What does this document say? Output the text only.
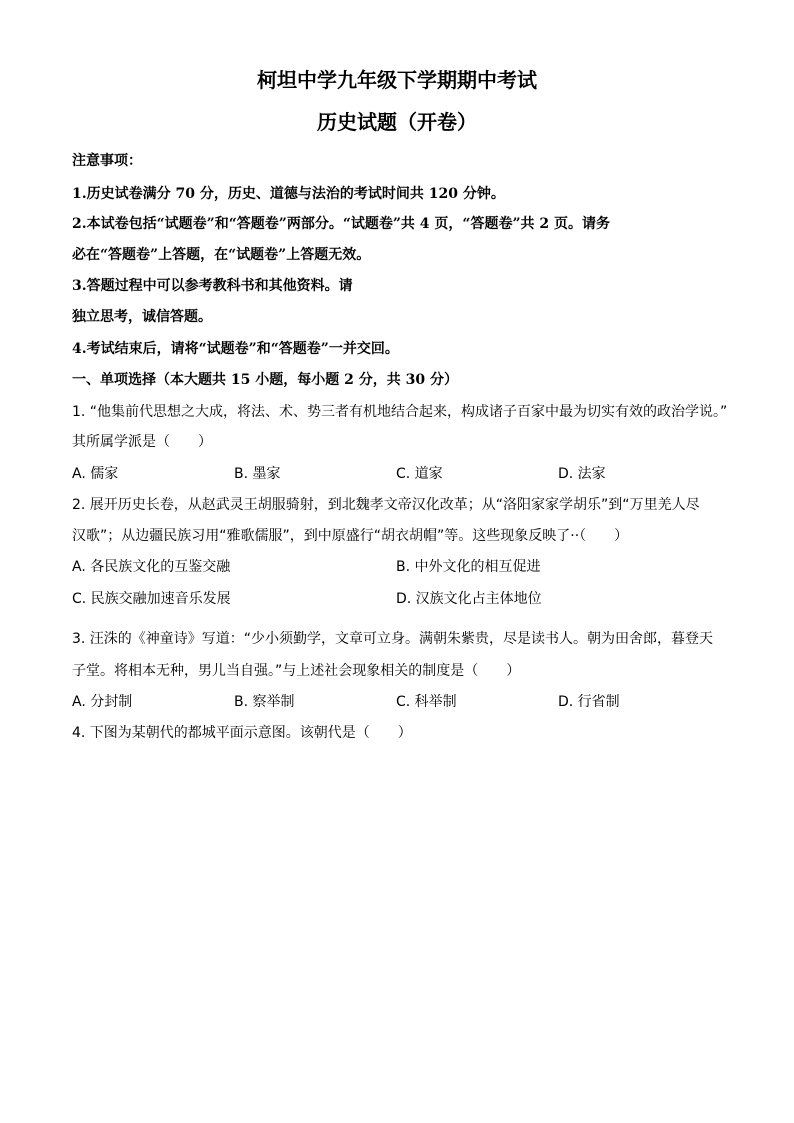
柯坦中学九年级下学期期中考试
历史试题（开卷）
注意事项：
1.历史试卷满分 70 分，历史、道德与法治的考试时间共 120 分钟。
2.本试卷包括“试题卷”和“答题卷”两部分。“试题卷”共 4 页，“答题卷”共 2 页。请务
必在“答题卷”上答题，在“试题卷”上答题无效。
3.答题过程中可以参考教科书和其他资料。请
独立思考，诚信答题。
4.考试结束后，请将“试题卷”和“答题卷”一并交回。
一、单项选择（本大题共 15 小题，每小题 2 分，共 30 分）
1. “他集前代思想之大成，将法、术、势三者有机地结合起来，构成诸子百家中最为切实有效的政治学说。”
其所属学派是（　　）
A. 儒家	B. 墨家	C. 道家	D. 法家
2. 展开历史长卷，从赵武灵王胡服骑射，到北魏孝文帝汉化改革；从“洛阳家家学胡乐”到“万里羌人尽
汉歌”；从边疆民族习用“雅歌儒服”，到中原盛行“胡衣胡帽”等。这些现象反映了··（　　）
A. 各民族文化的互鉴交融	B. 中外文化的相互促进
C. 民族交融加速音乐发展	D. 汉族文化占主体地位
3. 汪洙的《神童诗》写道：“少小须勤学，文章可立身。满朝朱紫贵，尽是读书人。朝为田舍郎，暮登天
子堂。将相本无种，男儿当自强。”与上述社会现象相关的制度是（　　）
A. 分封制	B. 察举制	C. 科举制	D. 行省制
4. 下图为某朝代的都城平面示意图。该朝代是（　　）
